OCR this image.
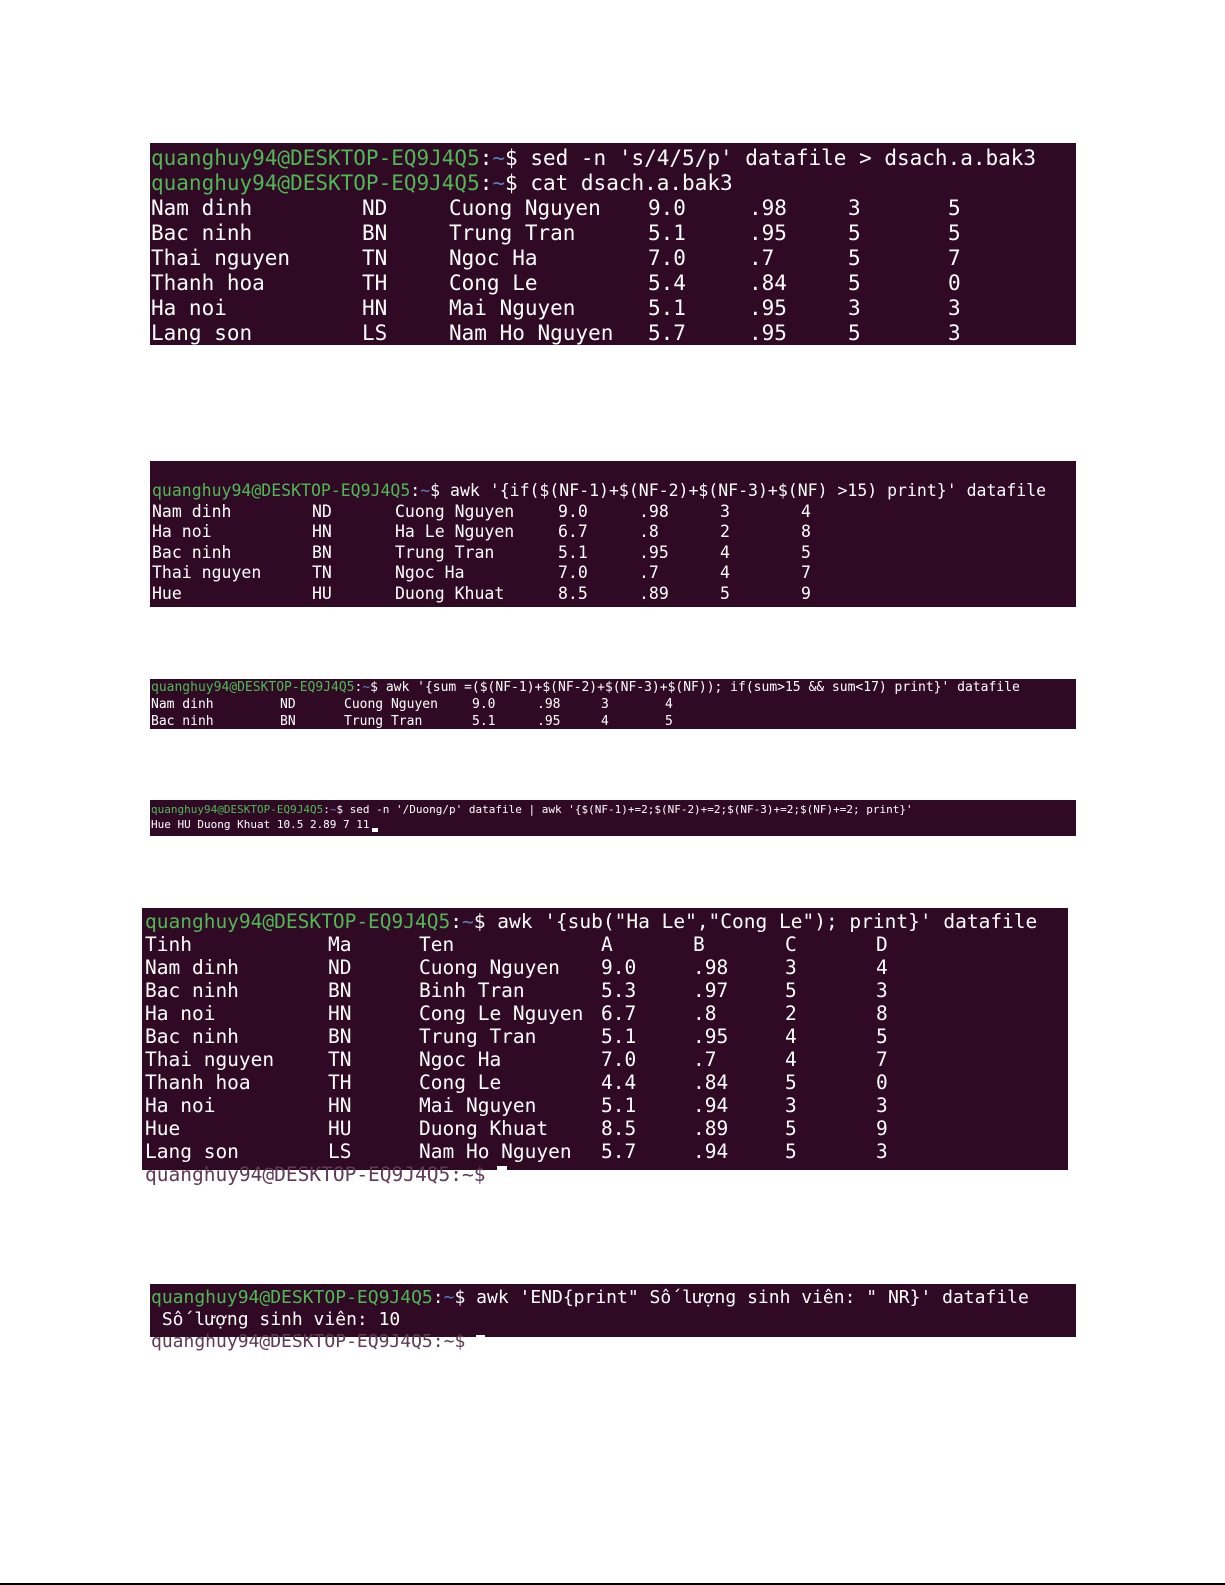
quanghuy94@DESKTOP-EQ9J4Q5:~$ sed -n 's/4/5/p' datafile > dsach.a.bak3
quanghuy94@DESKTOP-EQ9J4Q5:~$ cat dsach.a.bak3
Nam dinh	ND	Cuong Nguyen 9.0	.98	3	5
Bac ninh	BN	Trung Tran	5.1	.95	5	5
Thai nguyen	TN	Ngoc Ha	7.0	.7	5	7
Thanh hoa	TH	Cong Le	5.4	.84	5	0
Ha noi	HN	Mai Nguyen	5.1	.95	3	3
Lang son	LS	Nam Ho Nguyen 5.7	.95	5	3
quanghuy94@DESKTOP-EQ9J4Q5:~$ awk '{if($(NF-1)+$(NF-2)+$(NF-3)+$(NF) >15) print}' datafile
Nam dinh	ND	Cuong Nguyen	9.0	.98	3	4
Ha noi	HN	Ha Le Nguyen	6.7	.8	2	8
Bac ninh	BN	Trung Tran	5.1	.95	4	5
Thai nguyen	TN	Ngoc Ha	7.0	.7	4	7
Hue	HU	Duong Khuat	8.5	.89	5	9
quanghuy94@DESKTOP-EQ9J4Q5:~$ awk '{sum =($(NF-1)+$(NF-2)+$(NF-3)+$(NF)); if(sum>15 && sum<17) print}' datafile
Nam dinh	ND	Cuong Nguyen	9.0	.98	3	4
Bac ninh	BN	Trung Tran	5.1	.95	4	5
quanghuy94@DESKTOP-EQ9J4Q5:~$ sed -n '/Duong/p' datafile | awk '{$(NF-1)+=2;$(NF-2)+=2;$(NF-3)+=2;$(NF)+=2; print}'
Hue HU Duong Khuat 10.5 2.89 7 11
quanghuy94@DESKTOP-EQ9J4Q5:~$ awk '{sub("Ha Le","Cong Le"); print}' datafile
Tinh	Ma	Ten	A	B	C	D
Nam dinh	ND	Cuong Nguyen 9.0	.98	3	4
Bac ninh	BN	Binh Tran	5.3	.97	5	3
Ha noi	HN	Cong Le Nguyen 6.7	.8	2	8
Bac ninh	BN	Trung Tran	5.1	.95	4	5
Thai nguyen	TN	Ngoc Ha	7.0	.7	4	7
Thanh hoa	TH	Cong Le	4.4	.84	5	0
Ha noi	HN	Mai Nguyen	5.1	.94	3	3
Hue	HU	Duong Khuat	8.5	.89	5	9
Lang son	LS	Nam Ho Nguyen 5.7	.94	5	3
quanghuy94@DESKTOP-EQ9J4Q5:~$
quanghuy94@DESKTOP-EQ9J4Q5:~$ awk 'END{print" Số lượng sinh viên: " NR}' datafile
Số lượng sinh viên: 10
quanghuy94@DESKTOP-EQ9J4Q5:~$
